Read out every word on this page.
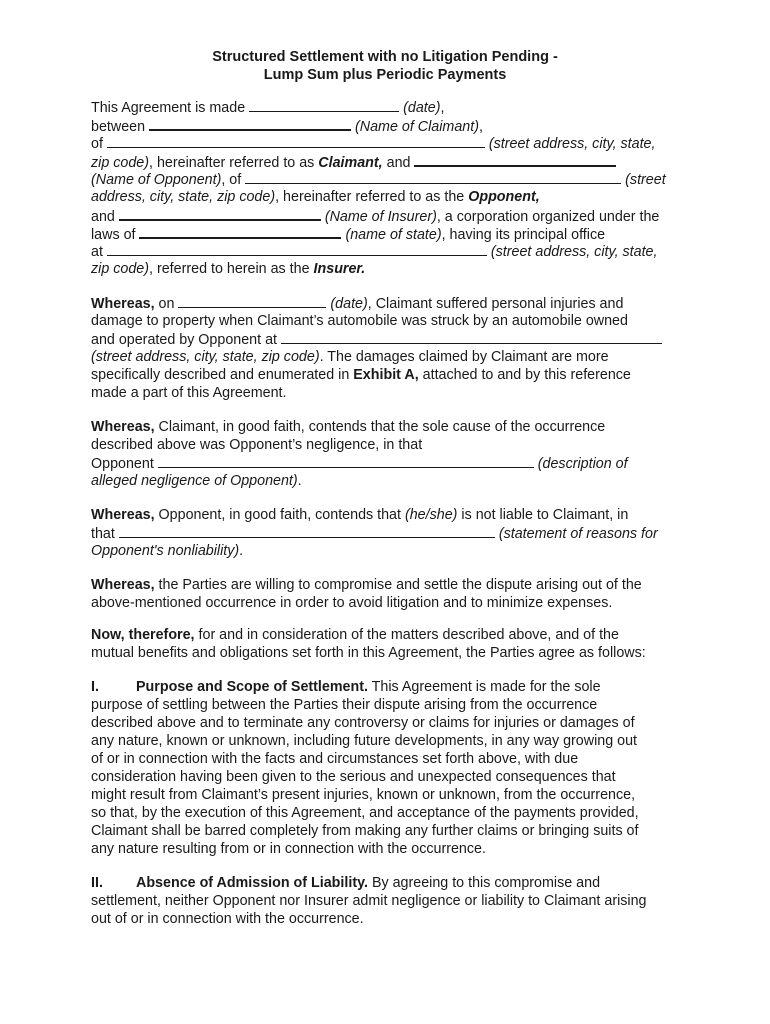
Structured Settlement with no Litigation Pending -
Lump Sum plus Periodic Payments
This Agreement is made	(date),
between	(Name of Claimant),
of	(street address, city, state,
zip code), hereinafter referred to as Claimant, and
(Name of Opponent), of	(street
address, city, state, zip code), hereinafter referred to as the Opponent,
and	(Name of Insurer), a corporation organized under the
laws of	(name of state), having its principal office
at	(street address, city, state,
zip code), referred to herein as the Insurer.
Whereas, on	(date), Claimant suffered personal injuries and
damage to property when Claimant’s automobile was struck by an automobile owned
and operated by Opponent at
(street address, city, state, zip code). The damages claimed by Claimant are more
specifically described and enumerated in Exhibit A, attached to and by this reference
made a part of this Agreement.
Whereas, Claimant, in good faith, contends that the sole cause of the occurrence
described above was Opponent’s negligence, in that
Opponent	(description of
alleged negligence of Opponent).
Whereas, Opponent, in good faith, contends that (he/she) is not liable to Claimant, in
that	(statement of reasons for
Opponent's nonliability).
Whereas, the Parties are willing to compromise and settle the dispute arising out of the
above-mentioned occurrence in order to avoid litigation and to minimize expenses.
Now, therefore, for and in consideration of the matters described above, and of the
mutual benefits and obligations set forth in this Agreement, the Parties agree as follows:
I.	Purpose and Scope of Settlement. This Agreement is made for the sole
purpose of settling between the Parties their dispute arising from the occurrence
described above and to terminate any controversy or claims for injuries or damages of
any nature, known or unknown, including future developments, in any way growing out
of or in connection with the facts and circumstances set forth above, with due
consideration having been given to the serious and unexpected consequences that
might result from Claimant’s present injuries, known or unknown, from the occurrence,
so that, by the execution of this Agreement, and acceptance of the payments provided,
Claimant shall be barred completely from making any further claims or bringing suits of
any nature resulting from or in connection with the occurrence.
II. Absence of Admission of Liability. By agreeing to this compromise and
settlement, neither Opponent nor Insurer admit negligence or liability to Claimant arising
out of or in connection with the occurrence.
